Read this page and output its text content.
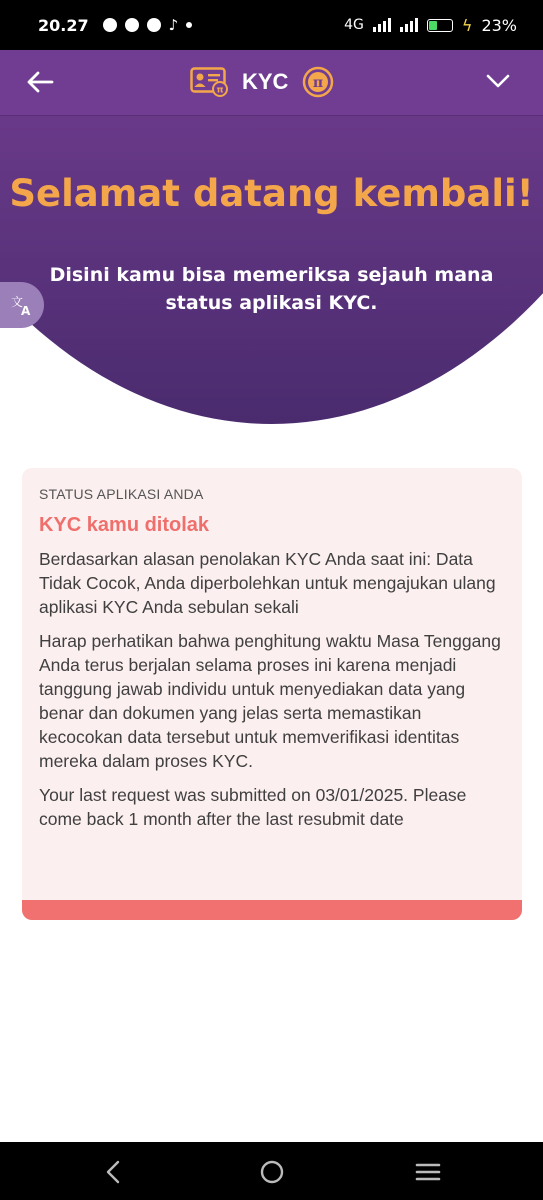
20.27	♪	4G	ϟ 23%
π KYC π
Selamat datang kembali!
Disini kamu bisa memeriksa sejauh mana status aplikasi KYC.
文
A
STATUS APLIKASI ANDA
KYC kamu ditolak

Berdasarkan alasan penolakan KYC Anda saat ini: Data Tidak Cocok, Anda diperbolehkan untuk mengajukan ulang aplikasi KYC Anda sebulan sekali

Harap perhatikan bahwa penghitung waktu Masa Tenggang Anda terus berjalan selama proses ini karena menjadi tanggung jawab individu untuk menyediakan data yang benar dan dokumen yang jelas serta memastikan kecocokan data tersebut untuk memverifikasi identitas mereka dalam proses KYC.

Your last request was submitted on 03/01/2025. Please come back 1 month after the last resubmit date
